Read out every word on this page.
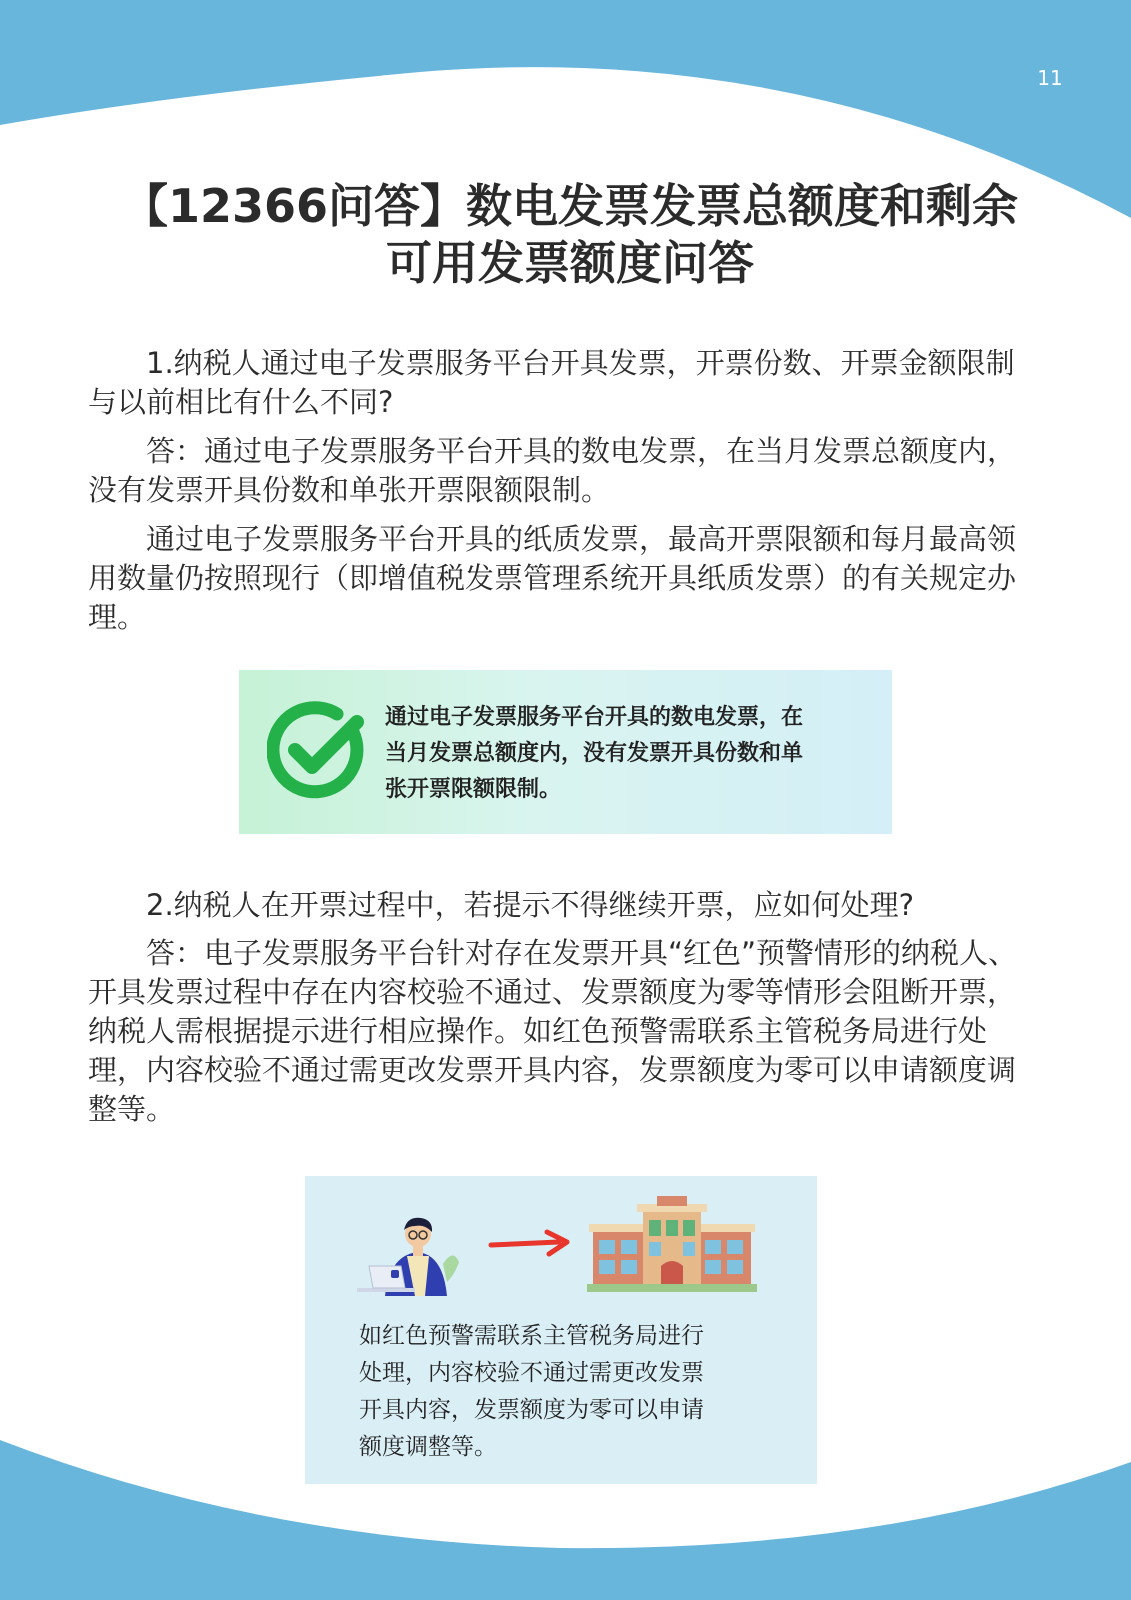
11
【12366问答】数电发票发票总额度和剩余
可用发票额度问答

1.纳税人通过电子发票服务平台开具发票，开票份数、开票金额限制与以前相比有什么不同?

答：通过电子发票服务平台开具的数电发票，在当月发票总额度内，没有发票开具份数和单张开票限额限制。

通过电子发票服务平台开具的纸质发票，最高开票限额和每月最高领用数量仍按照现行（即增值税发票管理系统开具纸质发票）的有关规定办理。

通过电子发票服务平台开具的数电发票，在
当月发票总额度内，没有发票开具份数和单
张开票限额限制。

2.纳税人在开票过程中，若提示不得继续开票，应如何处理?

答：电子发票服务平台针对存在发票开具“红色”预警情形的纳税人、开具发票过程中存在内容校验不通过、发票额度为零等情形会阻断开票，纳税人需根据提示进行相应操作。如红色预警需联系主管税务局进行处理，内容校验不通过需更改发票开具内容，发票额度为零可以申请额度调整等。

如红色预警需联系主管税务局进行
处理，内容校验不通过需更改发票
开具内容，发票额度为零可以申请
额度调整等。
